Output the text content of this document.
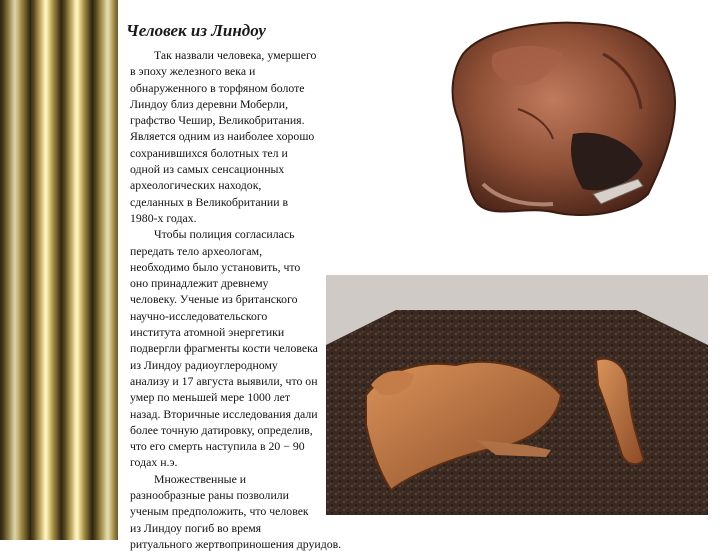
Человек из Линдоу

Так назвали человека, умершего в эпоху железного века и обнаруженного в торфяном болоте Линдоу близ деревни Моберли, графство Чешир, Великобритания. Является одним из наиболее хорошо сохранившихся болотных тел и одной из самых сенсационных археологических находок, сделанных в Великобритании в 1980-х годах.

Чтобы полиция согласилась передать тело археологам, необходимо было установить, что оно принадлежит древнему человеку. Ученые из британского научно-исследовательского института атомной энергетики подвергли фрагменты кости человека из Линдоу радиоуглеродному анализу и 17 августа выявили, что он умер по меньшей мере 1000 лет назад. Вторичные исследования дали более точную датировку, определив, что его смерть наступила в 20 − 90 годах н.э.

Множественные и разнообразные раны позволили ученым предположить, что человек из Линдоу погиб во время ритуального жертвоприношения друидов.
